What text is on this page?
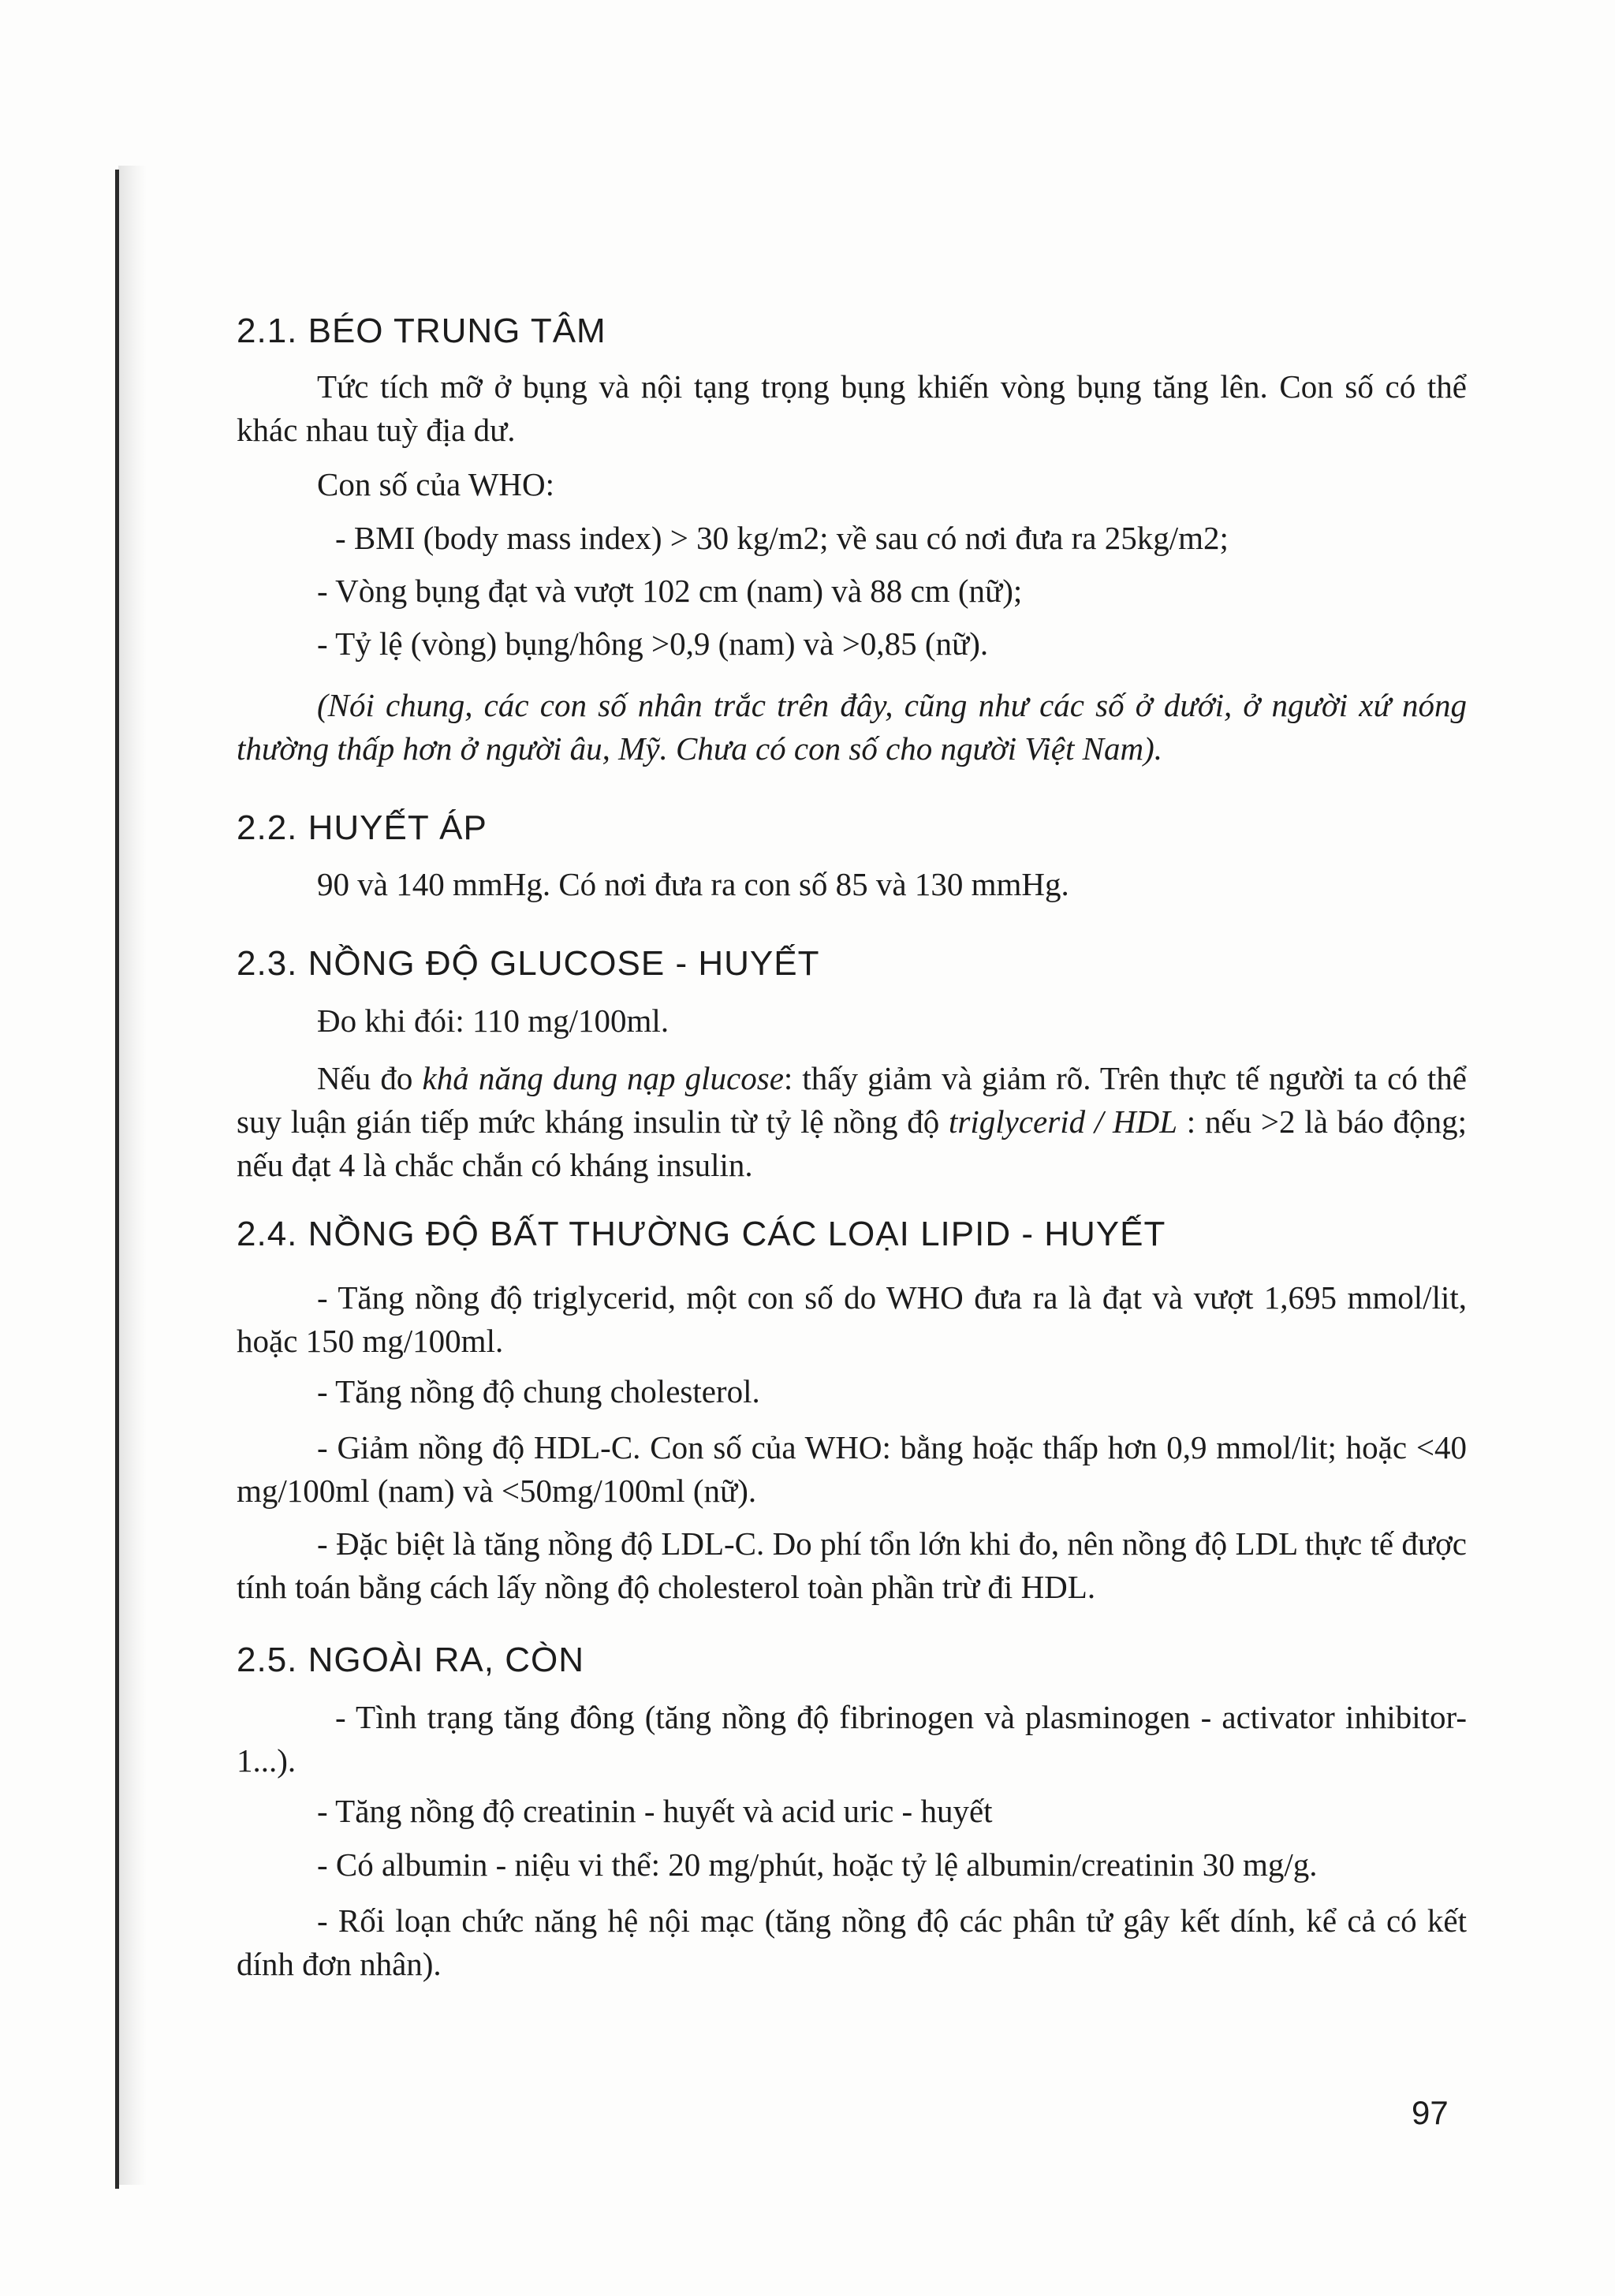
2.1. BÉO TRUNG TÂM
Tức tích mỡ ở bụng và nội tạng trọng bụng khiến vòng bụng tăng lên. Con số có thể khác nhau tuỳ địa dư.
Con số của WHO:
- BMI (body mass index) > 30 kg/m2; về sau có nơi đưa ra 25kg/m2;
- Vòng bụng đạt và vượt 102 cm (nam) và 88 cm (nữ);
- Tỷ lệ (vòng) bụng/hông >0,9 (nam) và >0,85 (nữ).
(Nói chung, các con số nhân trắc trên đây, cũng như các số ở dưới, ở người xứ nóng thường thấp hơn ở người âu, Mỹ. Chưa có con số cho người Việt Nam).
2.2. HUYẾT ÁP
90 và 140 mmHg. Có nơi đưa ra con số 85 và 130 mmHg.
2.3. NỒNG ĐỘ GLUCOSE - HUYẾT
Đo khi đói: 110 mg/100ml.
Nếu đo khả năng dung nạp glucose: thấy giảm và giảm rõ. Trên thực tế người ta có thể suy luận gián tiếp mức kháng insulin từ tỷ lệ nồng độ triglycerid / HDL : nếu >2 là báo động; nếu đạt 4 là chắc chắn có kháng insulin.
2.4. NỒNG ĐỘ BẤT THƯỜNG CÁC LOẠI LIPID - HUYẾT
- Tăng nồng độ triglycerid, một con số do WHO đưa ra là đạt và vượt 1,695 mmol/lit, hoặc 150 mg/100ml.
- Tăng nồng độ chung cholesterol.
- Giảm nồng độ HDL-C. Con số của WHO: bằng hoặc thấp hơn 0,9 mmol/lit; hoặc <40 mg/100ml (nam) và <50mg/100ml (nữ).
- Đặc biệt là tăng nồng độ LDL-C. Do phí tổn lớn khi đo, nên nồng độ LDL thực tế được tính toán bằng cách lấy nồng độ cholesterol toàn phần trừ đi HDL.
2.5. NGOÀI RA, CÒN
- Tình trạng tăng đông (tăng nồng độ fibrinogen và plasminogen - activator inhibitor-1...).
- Tăng nồng độ creatinin - huyết và acid uric - huyết
- Có albumin - niệu vi thể: 20 mg/phút, hoặc tỷ lệ albumin/creatinin 30 mg/g.
- Rối loạn chức năng hệ nội mạc (tăng nồng độ các phân tử gây kết dính, kể cả có kết dính đơn nhân).
97
